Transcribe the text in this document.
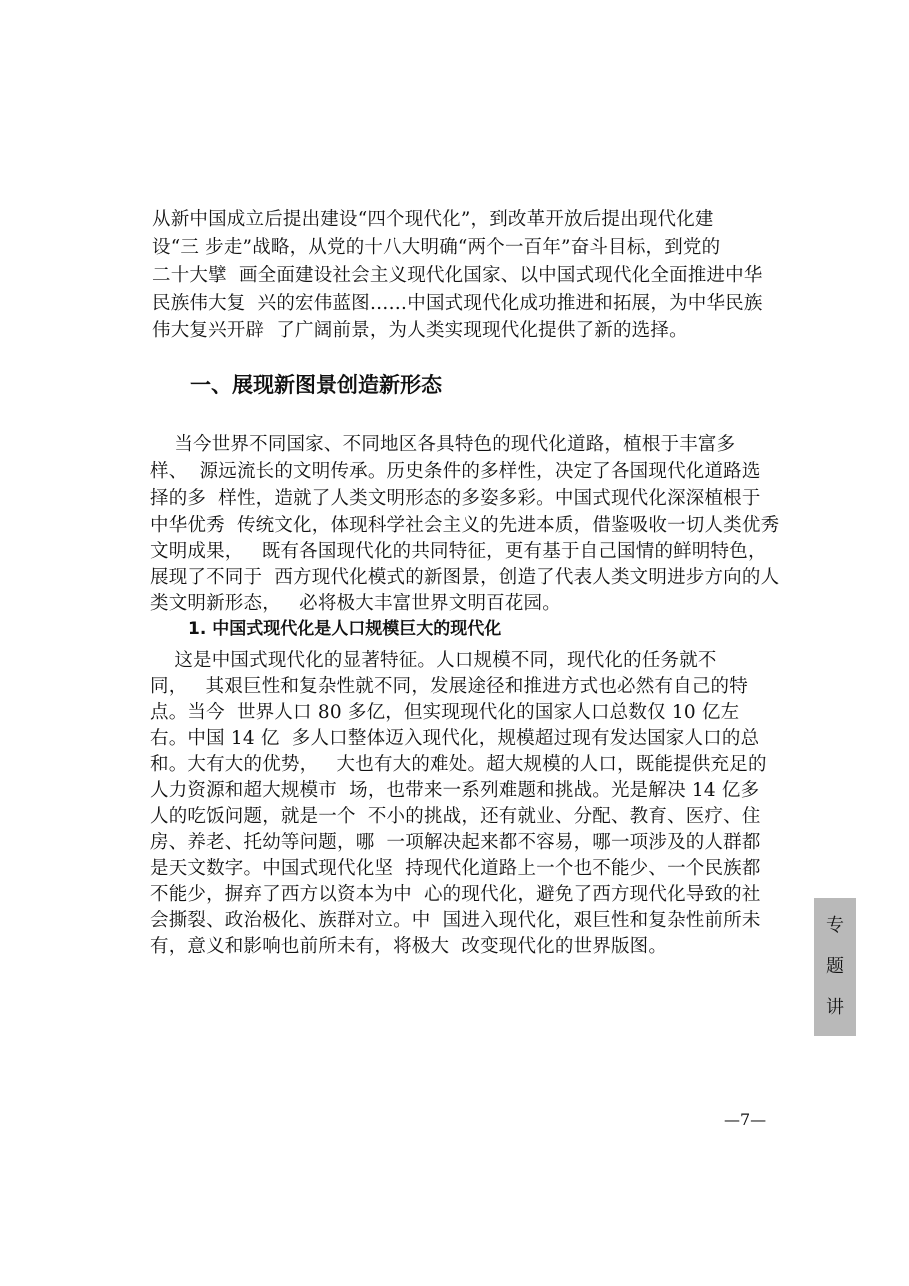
从新中国成立后提出建设“四个现代化”，到改革开放后提出现代化建
设“三 步走”战略，从党的十八大明确“两个一百年”奋斗目标，到党的
二十大擘  画全面建设社会主义现代化国家、以中国式现代化全面推进中华
民族伟大复  兴的宏伟蓝图……中国式现代化成功推进和拓展，为中华民族
伟大复兴开辟  了广阔前景，为人类实现现代化提供了新的选择。
一、展现新图景创造新形态
当今世界不同国家、不同地区各具特色的现代化道路，植根于丰富多
样、  源远流长的文明传承。历史条件的多样性，决定了各国现代化道路选
择的多  样性，造就了人类文明形态的多姿多彩。中国式现代化深深植根于
中华优秀  传统文化，体现科学社会主义的先进本质，借鉴吸收一切人类优秀
文明成果，   既有各国现代化的共同特征，更有基于自己国情的鲜明特色，
展现了不同于  西方现代化模式的新图景，创造了代表人类文明进步方向的人
类文明新形态，   必将极大丰富世界文明百花园。
1. 中国式现代化是人口规模巨大的现代化
这是中国式现代化的显著特征。人口规模不同，现代化的任务就不
同，   其艰巨性和复杂性就不同，发展途径和推进方式也必然有自己的特
点。当今  世界人口 80 多亿，但实现现代化的国家人口总数仅 10 亿左
右。中国 14 亿  多人口整体迈入现代化，规模超过现有发达国家人口的总
和。大有大的优势，   大也有大的难处。超大规模的人口，既能提供充足的
人力资源和超大规模市  场，也带来一系列难题和挑战。光是解决 14 亿多
人的吃饭问题，就是一个  不小的挑战，还有就业、分配、教育、医疗、住
房、养老、托幼等问题，哪  一项解决起来都不容易，哪一项涉及的人群都
是天文数字。中国式现代化坚  持现代化道路上一个也不能少、一个民族都
不能少，摒弃了西方以资本为中  心的现代化，避免了西方现代化导致的社
会撕裂、政治极化、族群对立。中  国进入现代化，艰巨性和复杂性前所未
有，意义和影响也前所未有，将极大  改变现代化的世界版图。
专
题
讲
—7—
